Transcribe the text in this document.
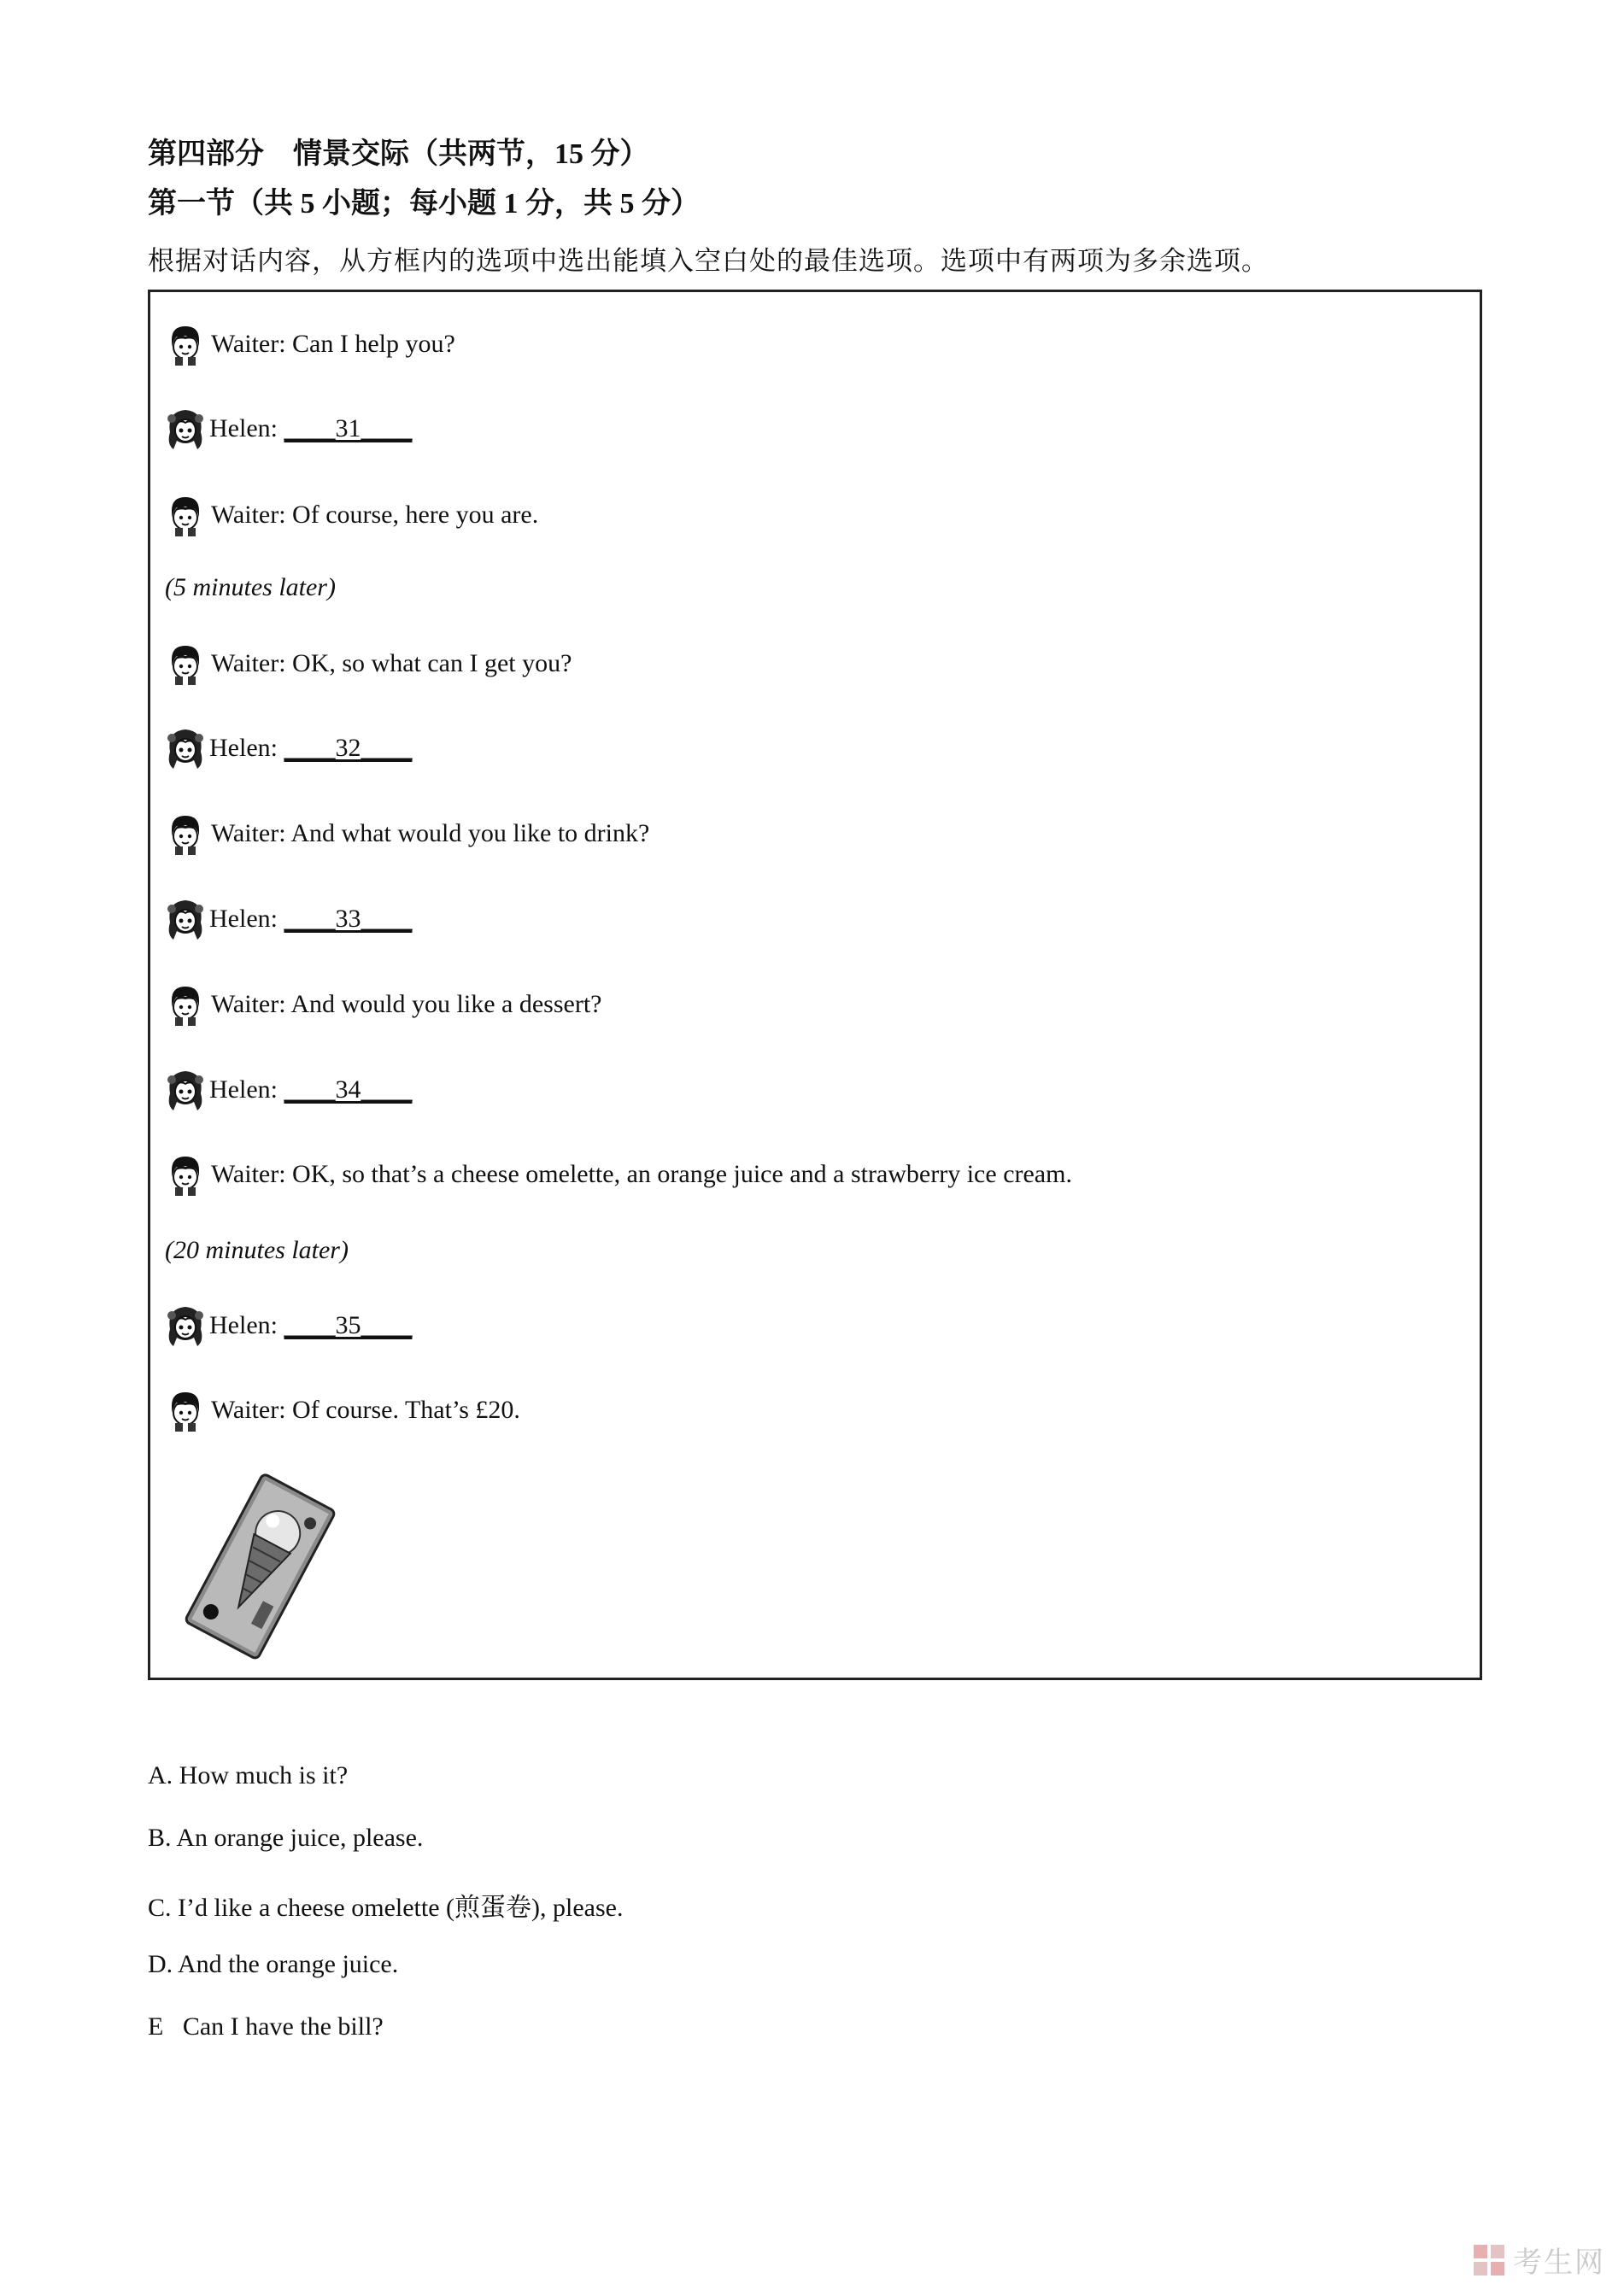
第四部分　情景交际（共两节，15 分）
第一节（共 5 小题；每小题 1 分，共 5 分）
根据对话内容，从方框内的选项中选出能填入空白处的最佳选项。选项中有两项为多余选项。
Waiter: Can I help you?
Helen: ____31____
Waiter: Of course, here you are.
(5 minutes later)
Waiter: OK, so what can I get you?
Helen: ____32____
Waiter: And what would you like to drink?
Helen: ____33____
Waiter: And would you like a dessert?
Helen: ____34____
Waiter: OK, so that’s a cheese omelette, an orange juice and a strawberry ice cream.
(20 minutes later)
Helen: ____35____
Waiter: Of course. That’s £20.
A. How much is it?
B. An orange juice, please.
C. I’d like a cheese omelette (煎蛋卷), please.
D. And the orange juice.
E   Can I have the bill?
考生网
